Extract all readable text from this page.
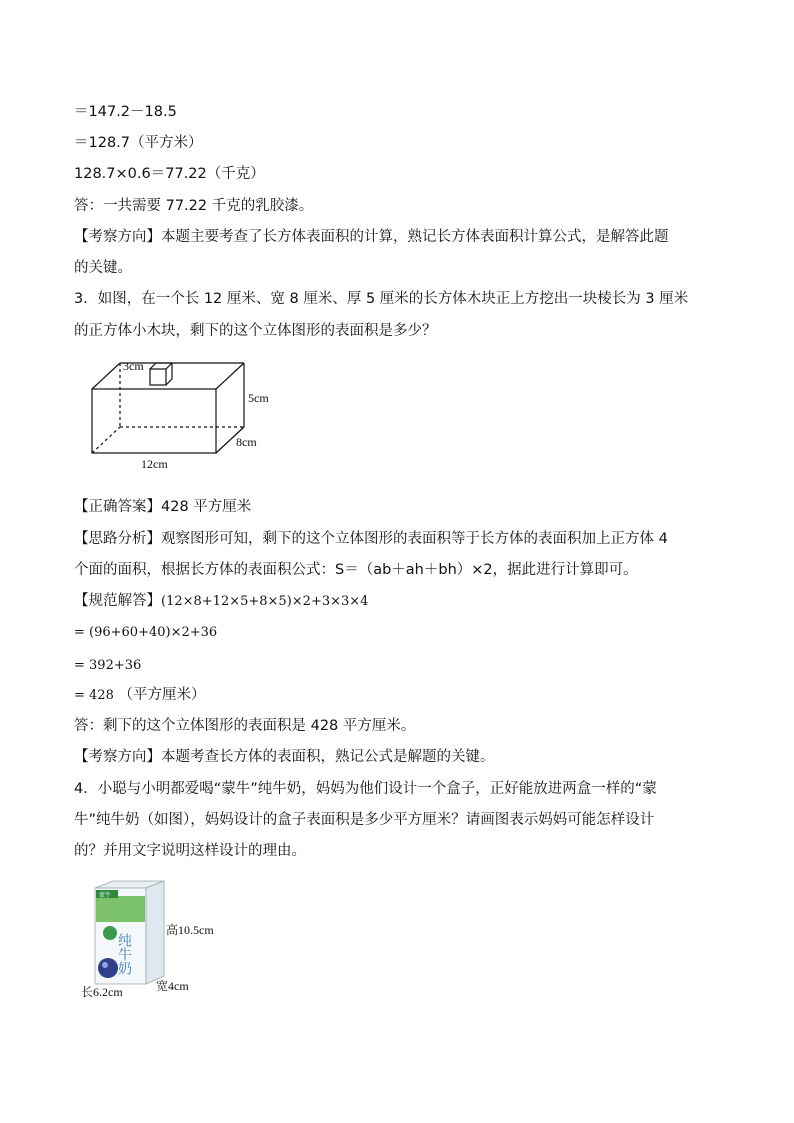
＝147.2－18.5
＝128.7（平方米）
128.7×0.6＝77.22（千克）
答：一共需要 77.22 千克的乳胶漆。
【考察方向】本题主要考查了长方体表面积的计算，熟记长方体表面积计算公式，是解答此题
的关键。
3．如图，在一个长 12 厘米、宽 8 厘米、厚 5 厘米的长方体木块正上方挖出一块棱长为 3 厘米
的正方体小木块，剩下的这个立体图形的表面积是多少？
3cm
5cm
8cm
12cm
【正确答案】428 平方厘米
【思路分析】观察图形可知，剩下的这个立体图形的表面积等于长方体的表面积加上正方体 4
个面的面积，根据长方体的表面积公式：S＝（ab＋ah＋bh）×2，据此进行计算即可。
【规范解答】(12×8+12×5+8×5)×2+3×3×4
= (96+60+40)×2+36
= 392+36
= 428 （平方厘米）
答：剩下的这个立体图形的表面积是 428 平方厘米。
【考察方向】本题考查长方体的表面积，熟记公式是解题的关键。
4．小聪与小明都爱喝“蒙牛”纯牛奶，妈妈为他们设计一个盒子，正好能放进两盒一样的“蒙
牛”纯牛奶（如图），妈妈设计的盒子表面积是多少平方厘米？请画图表示妈妈可能怎样设计
的？并用文字说明这样设计的理由。
蒙牛
纯牛奶
高10.5cm
宽4cm
长6.2cm
